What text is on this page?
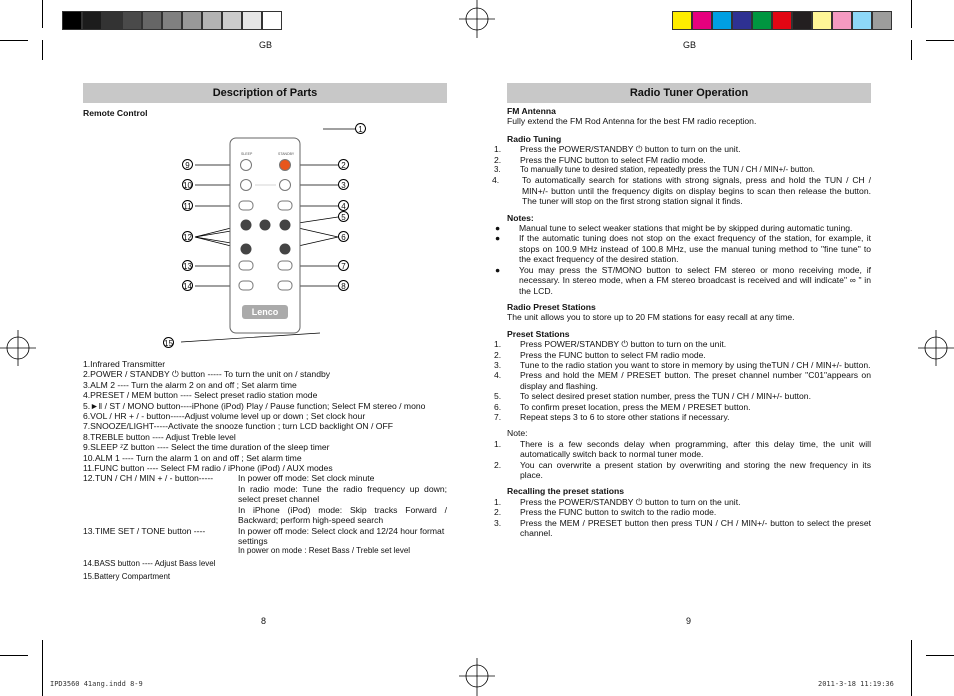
GB
Description of Parts
Remote Control
SLEEP	STANDBY
Lenco
1
2
3
4
5
6
7
8
9
10
11
12
13
14
15
1.Infrared Transmitter
2.POWER / STANDBY ⏻ button ----- To turn the unit on / standby
3.ALM 2 ---- Turn the alarm 2 on and off ; Set alarm time
4.PRESET / MEM button ---- Select preset radio station mode
5.►‖ / ST / MONO button----iPhone (iPod) Play / Pause function; Select FM stereo / mono
6.VOL / HR + / - button-----Adjust volume level up or down ; Set clock hour
7.SNOOZE/LIGHT-----Activate the snooze function ; turn LCD backlight ON / OFF
8.TREBLE button ---- Adjust Treble level
9.SLEEP ᶻZ button ---- Select the time duration of the sleep timer
10.ALM 1 ---- Turn the alarm 1 on and off ; Set alarm time
11.FUNC button ---- Select FM radio / iPhone (iPod) / AUX modes
12.TUN / CH / MIN + / - button-----	In power off mode: Set clock minute
In radio mode: Tune the radio frequency up down; select preset channel
In iPhone (iPod) mode: Skip tracks Forward / Backward; perform high-speed search
13.TIME SET / TONE button ----	In power off mode: Select clock and 12/24 hour format settings
In power on mode : Reset Bass / Treble set level
14.BASS button ---- Adjust Bass level
15.Battery Compartment
8
GB
Radio Tuner Operation
FM Antenna
Fully extend the FM Rod Antenna for the best FM radio reception.
Radio Tuning
1. Press the POWER/STANDBY ⏻ button to turn on the unit.
2. Press the FUNC button to select FM radio mode.
3. To manually tune to desired station, repeatedly press the TUN / CH / MIN+/- button.
4.	To automatically search for stations with strong signals, press and hold the TUN / CH / MIN+/- button until the frequency digits on display begins to scan then release the button. The tuner will stop on the first strong station signal it finds.
Notes:
● Manual tune to select weaker stations that might be by skipped during automatic tuning.
● If the automatic tuning does not stop on the exact frequency of the station, for example, it stops on 100.9 MHz instead of 100.8 MHz, use the manual tuning method to "fine tune" to the exact frequency of the desired station.
● You may press the ST/MONO button to select FM stereo or mono receiving mode, if necessary. In stereo mode, when a FM stereo broadcast is received and will indicate" ∞ " in the LCD.
Radio Preset Stations
The unit allows you to store up to 20 FM stations for easy recall at any time.
Preset Stations
1. Press POWER/STANDBY ⏻ button to turn on the unit.
2. Press the FUNC button to select FM radio mode.
3. Tune to the radio station you want to store in memory by using theTUN / CH / MIN+/- button.
4. Press and hold the MEM / PRESET button. The preset channel number "C01"appears on display and flashing.
5. To select desired preset station number, press the TUN / CH / MIN+/- button.
6. To confirm preset location, press the MEM / PRESET button.
7. Repeat steps 3 to 6 to store other stations if necessary.
Note:
1. There is a few seconds delay when programming, after this delay time, the unit will automatically switch back to normal tuner mode.
2. You can overwrite a present station by overwriting and storing the new frequency in its place.
Recalling the preset stations
1. Press the POWER/STANDBY ⏻ button to turn on the unit.
2. Press the FUNC button to switch to the radio mode.
3. Press the MEM / PRESET button then press TUN / CH / MIN+/- button to select the preset channel.
9
IPD3560 41ang.indd 8-9	2011-3-18 11:19:36
